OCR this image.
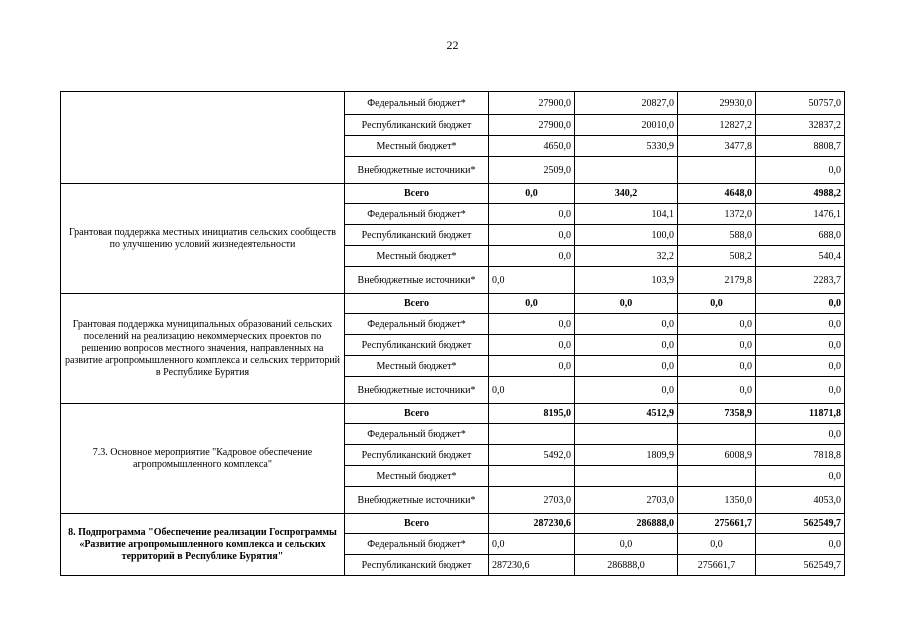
22
	Федеральный бюджет*	27900,0	20827,0	29930,0	50757,0
	Республиканский бюджет	27900,0	20010,0	12827,2	32837,2
	Местный бюджет*	4650,0	5330,9	3477,8	8808,7
	Внебюджетные источники*	2509,0			0,0
Грантовая поддержка местных инициатив сельских сообществ по улучшению условий жизнедеятельности	Всего	0,0	340,2	4648,0	4988,2
	Федеральный бюджет*	0,0	104,1	1372,0	1476,1
	Республиканский бюджет	0,0	100,0	588,0	688,0
	Местный бюджет*	0,0	32,2	508,2	540,4
	Внебюджетные источники*	0,0	103,9	2179,8	2283,7
Грантовая поддержка муниципальных образований сельских поселений на реализацию некоммерческих проектов по решению вопросов местного значения, направленных на развитие агропромышленного комплекса и сельских территорий в Республике Бурятия	Всего	0,0	0,0	0,0	0,0
	Федеральный бюджет*	0,0	0,0	0,0	0,0
	Республиканский бюджет	0,0	0,0	0,0	0,0
	Местный бюджет*	0,0	0,0	0,0	0,0
	Внебюджетные источники*	0,0	0,0	0,0	0,0
7.3. Основное мероприятие "Кадровое обеспечение агропромышленного комплекса"	Всего	8195,0	4512,9	7358,9	11871,8
	Федеральный бюджет*				0,0
	Республиканский бюджет	5492,0	1809,9	6008,9	7818,8
	Местный бюджет*				0,0
	Внебюджетные источники*	2703,0	2703,0	1350,0	4053,0
8. Подпрограмма "Обеспечение реализации Госпрограммы «Развитие агропромышленного комплекса и сельских территорий в Республике Бурятия"	Всего	287230,6	286888,0	275661,7	562549,7
	Федеральный бюджет*	0,0	0,0	0,0	0,0
	Республиканский бюджет	287230,6	286888,0	275661,7	562549,7
